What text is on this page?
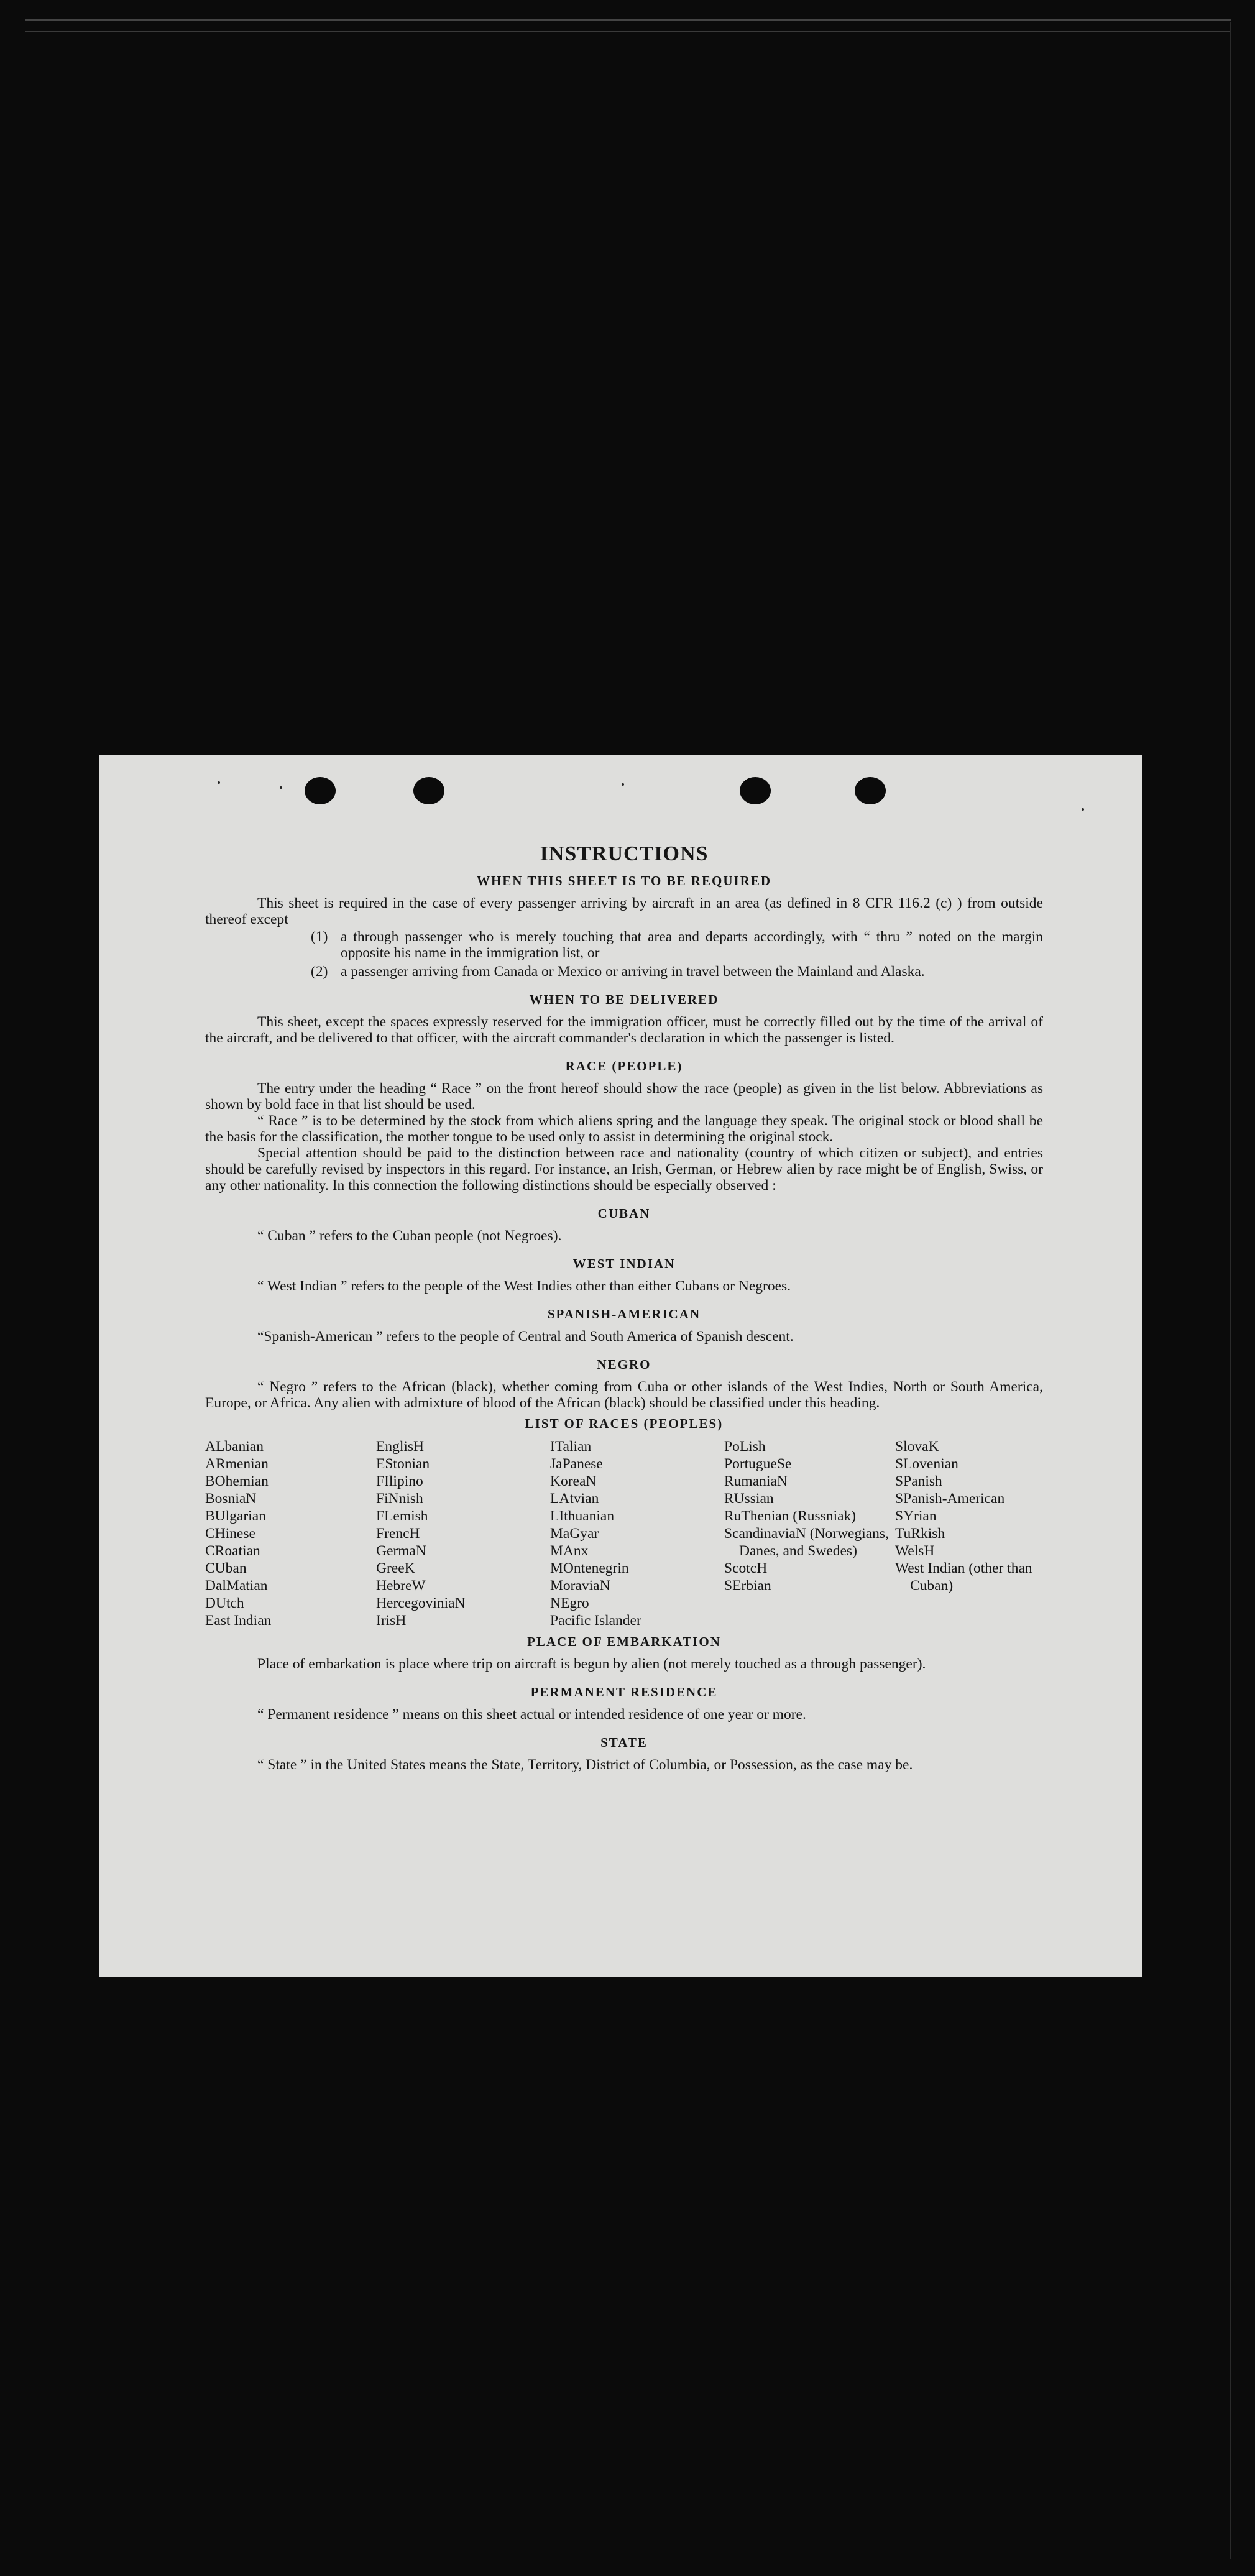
INSTRUCTIONS
WHEN THIS SHEET IS TO BE REQUIRED

This sheet is required in the case of every passenger arriving by aircraft in an area (as defined in 8 CFR 116.2 (c) ) from outside thereof except

(1) a through passenger who is merely touching that area and departs accordingly, with “ thru ” noted on the margin opposite his name in the immigration list, or
(2) a passenger arriving from Canada or Mexico or arriving in travel between the Mainland and Alaska.
WHEN TO BE DELIVERED

This sheet, except the spaces expressly reserved for the immigration officer, must be correctly filled out by the time of the arrival of the aircraft, and be delivered to that officer, with the aircraft commander's declaration in which the passenger is listed.

RACE (PEOPLE)

The entry under the heading “ Race ” on the front hereof should show the race (people) as given in the list below. Abbreviations as shown by bold face in that list should be used.

“ Race ” is to be determined by the stock from which aliens spring and the language they speak. The original stock or blood shall be the basis for the classification, the mother tongue to be used only to assist in determining the original stock.

Special attention should be paid to the distinction between race and nationality (country of which citizen or subject), and entries should be carefully revised by inspectors in this regard. For instance, an Irish, German, or Hebrew alien by race might be of English, Swiss, or any other nationality. In this connection the following distinctions should be especially observed :

CUBAN

“ Cuban ” refers to the Cuban people (not Negroes).

WEST INDIAN

“ West Indian ” refers to the people of the West Indies other than either Cubans or Negroes.

SPANISH-AMERICAN

“Spanish-American ” refers to the people of Central and South America of Spanish descent.

NEGRO

“ Negro ” refers to the African (black), whether coming from Cuba or other islands of the West Indies, North or South America, Europe, or Africa. Any alien with admixture of blood of the African (black) should be classified under this heading.

LIST OF RACES (PEOPLES)
ALbanian
ARmenian
BOhemian
BosniaN
BUlgarian
CHinese
CRoatian
CUban
DalMatian
DUtch
East Indian
EnglisH
EStonian
FIlipino
FiNnish
FLemish
FrencH
GermaN
GreeK
HebreW
HercegoviniaN
IrisH
ITalian
JaPanese
KoreaN
LAtvian
LIthuanian
MaGyar
MAnx
MOntenegrin
MoraviaN
NEgro
Pacific Islander
PoLish
PortugueSe
RumaniaN
RUssian
RuThenian (Russniak)
ScandinaviaN (Norwegians, Danes, and Swedes)
ScotcH
SErbian
SlovaK
SLovenian
SPanish
SPanish-American
SYrian
TuRkish
WelsH
West Indian (other than Cuban)
PLACE OF EMBARKATION

Place of embarkation is place where trip on aircraft is begun by alien (not merely touched as a through passenger).

PERMANENT RESIDENCE

“ Permanent residence ” means on this sheet actual or intended residence of one year or more.

STATE

“ State ” in the United States means the State, Territory, District of Columbia, or Possession, as the case may be.
